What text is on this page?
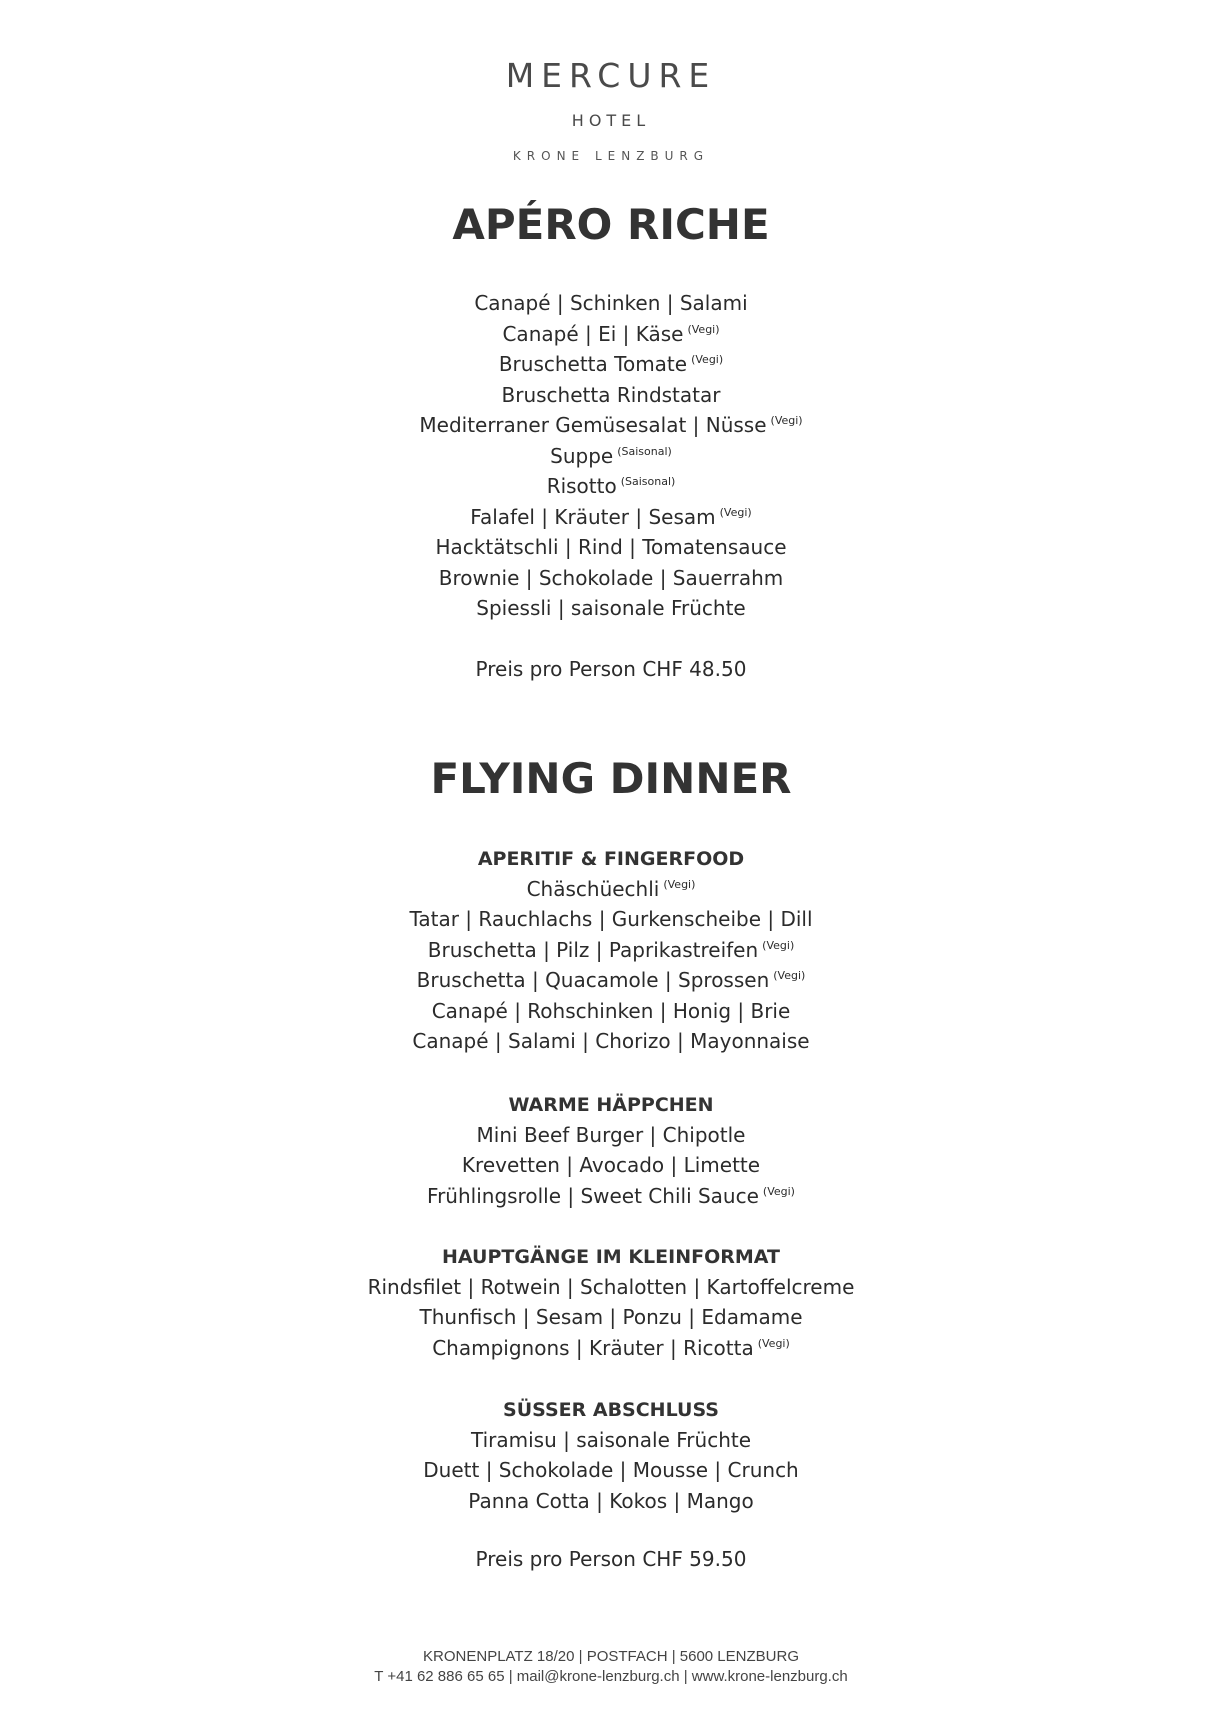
MERCURE
HOTEL
KRONE LENZBURG
APÉRO RICHE
Canapé | Schinken | Salami
Canapé | Ei | Käse $^{(Vegi)}$
Bruschetta Tomate $^{(Vegi)}$
Bruschetta Rindstatar
Mediterraner Gemüsesalat | Nüsse $^{(Vegi)}$
Suppe $^{(Saisonal)}$
Risotto $^{(Saisonal)}$
Falafel | Kräuter | Sesam $^{(Vegi)}$
Hacktätschli | Rind | Tomatensauce
Brownie | Schokolade | Sauerrahm
Spiessli | saisonale Früchte
Preis pro Person CHF 48.50
FLYING DINNER
APERITIF & FINGERFOOD
Chäschüechli $^{(Vegi)}$
Tatar | Rauchlachs | Gurkenscheibe | Dill
Bruschetta | Pilz | Paprikastreifen $^{(Vegi)}$
Bruschetta | Quacamole | Sprossen $^{(Vegi)}$
Canapé | Rohschinken | Honig | Brie
Canapé | Salami | Chorizo | Mayonnaise
WARME HÄPPCHEN
Mini Beef Burger | Chipotle
Krevetten | Avocado | Limette
Frühlingsrolle | Sweet Chili Sauce $^{(Vegi)}$
HAUPTGÄNGE IM KLEINFORMAT
Rindsfilet | Rotwein | Schalotten | Kartoffelcreme
Thunfisch | Sesam | Ponzu | Edamame
Champignons | Kräuter | Ricotta $^{(Vegi)}$
SÜSSER ABSCHLUSS
Tiramisu | saisonale Früchte
Duett | Schokolade | Mousse | Crunch
Panna Cotta | Kokos | Mango
Preis pro Person CHF 59.50
KRONENPLATZ 18/20 | POSTFACH | 5600 LENZBURG
T +41 62 886 65 65 | mail@krone-lenzburg.ch | www.krone-lenzburg.ch
